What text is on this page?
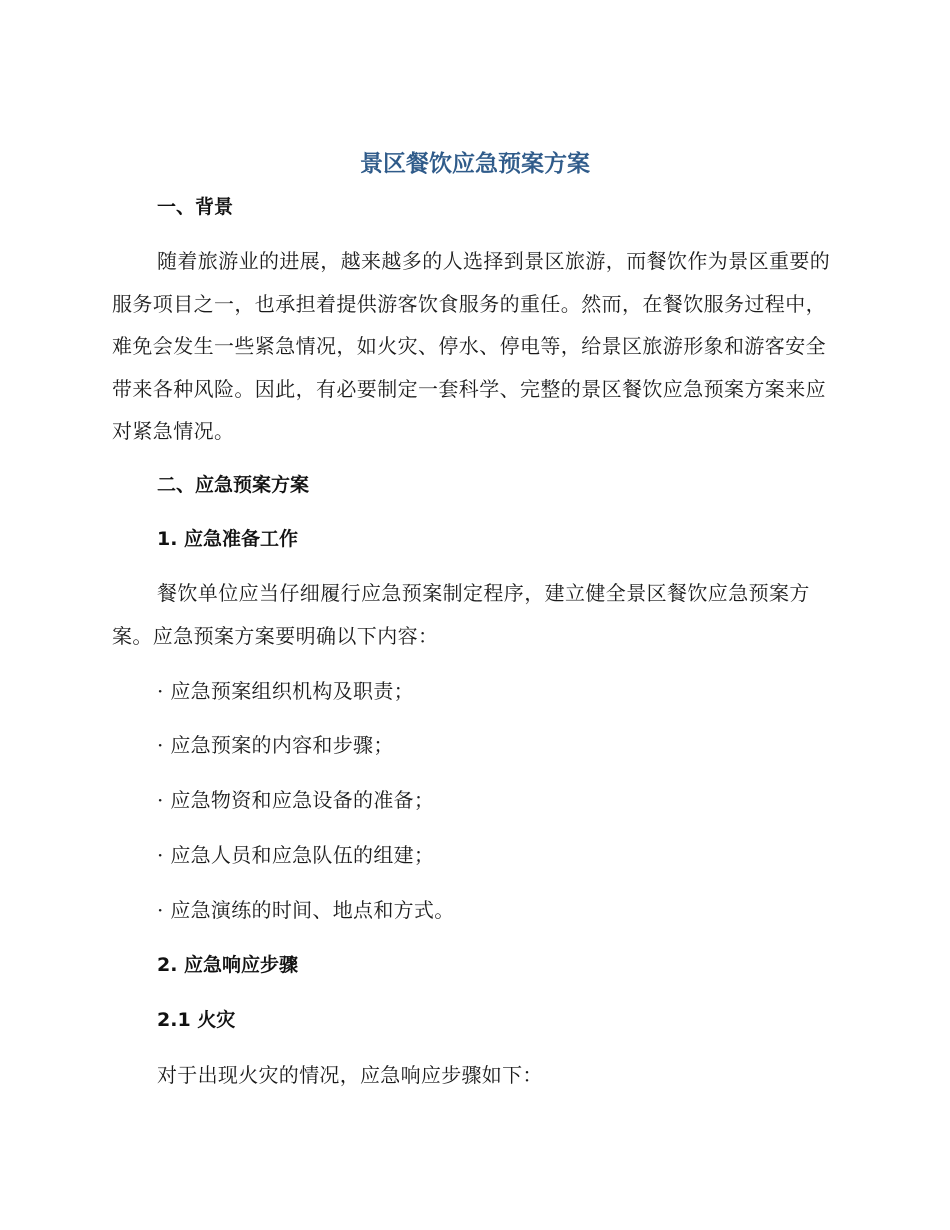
景区餐饮应急预案方案
一、背景
随着旅游业的进展，越来越多的人选择到景区旅游，而餐饮作为景区重要的服务项目之一，也承担着提供游客饮食服务的重任。然而，在餐饮服务过程中，难免会发生一些紧急情况，如火灾、停水、停电等，给景区旅游形象和游客安全带来各种风险。因此，有必要制定一套科学、完整的景区餐饮应急预案方案来应对紧急情况。
二、应急预案方案
1. 应急准备工作
餐饮单位应当仔细履行应急预案制定程序，建立健全景区餐饮应急预案方案。应急预案方案要明确以下内容：
· 应急预案组织机构及职责；
· 应急预案的内容和步骤；
· 应急物资和应急设备的准备；
· 应急人员和应急队伍的组建；
· 应急演练的时间、地点和方式。
2. 应急响应步骤
2.1 火灾
对于出现火灾的情况，应急响应步骤如下：
